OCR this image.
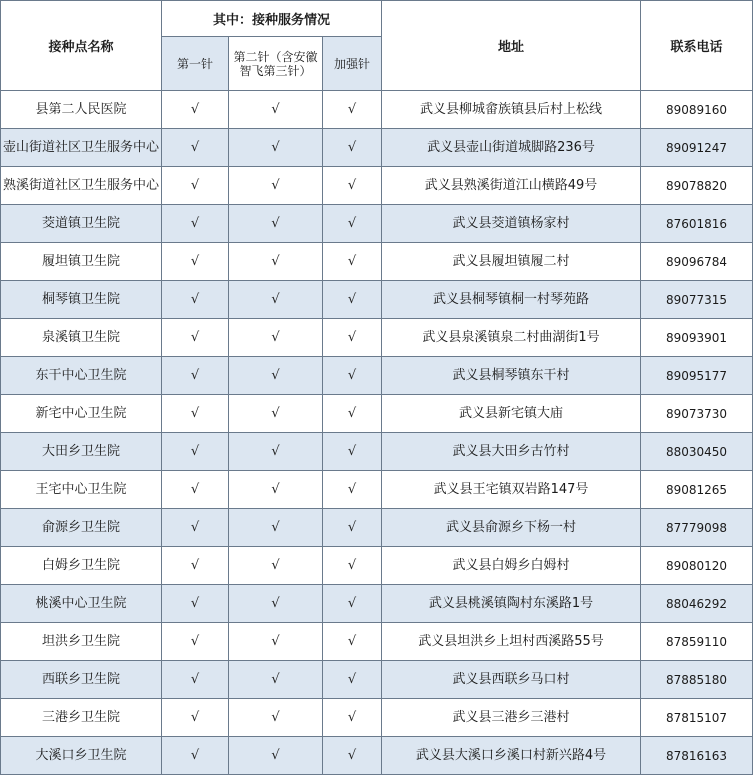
接种点名称	其中：接种服务情况			地址	联系电话
	第一针	第二针（含安徽智飞第三针）	加强针		
县第二人民医院	√	√	√	武义县柳城畲族镇县后村上松线	89089160
壶山街道社区卫生服务中心	√	√	√	武义县壶山街道城脚路236号	89091247
熟溪街道社区卫生服务中心	√	√	√	武义县熟溪街道江山横路49号	89078820
茭道镇卫生院	√	√	√	武义县茭道镇杨家村	87601816
履坦镇卫生院	√	√	√	武义县履坦镇履二村	89096784
桐琴镇卫生院	√	√	√	武义县桐琴镇桐一村琴苑路	89077315
泉溪镇卫生院	√	√	√	武义县泉溪镇泉二村曲湖街1号	89093901
东干中心卫生院	√	√	√	武义县桐琴镇东干村	89095177
新宅中心卫生院	√	√	√	武义县新宅镇大庙	89073730
大田乡卫生院	√	√	√	武义县大田乡古竹村	88030450
王宅中心卫生院	√	√	√	武义县王宅镇双岩路147号	89081265
俞源乡卫生院	√	√	√	武义县俞源乡下杨一村	87779098
白姆乡卫生院	√	√	√	武义县白姆乡白姆村	89080120
桃溪中心卫生院	√	√	√	武义县桃溪镇陶村东溪路1号	88046292
坦洪乡卫生院	√	√	√	武义县坦洪乡上坦村西溪路55号	87859110
西联乡卫生院	√	√	√	武义县西联乡马口村	87885180
三港乡卫生院	√	√	√	武义县三港乡三港村	87815107
大溪口乡卫生院	√	√	√	武义县大溪口乡溪口村新兴路4号	87816163
